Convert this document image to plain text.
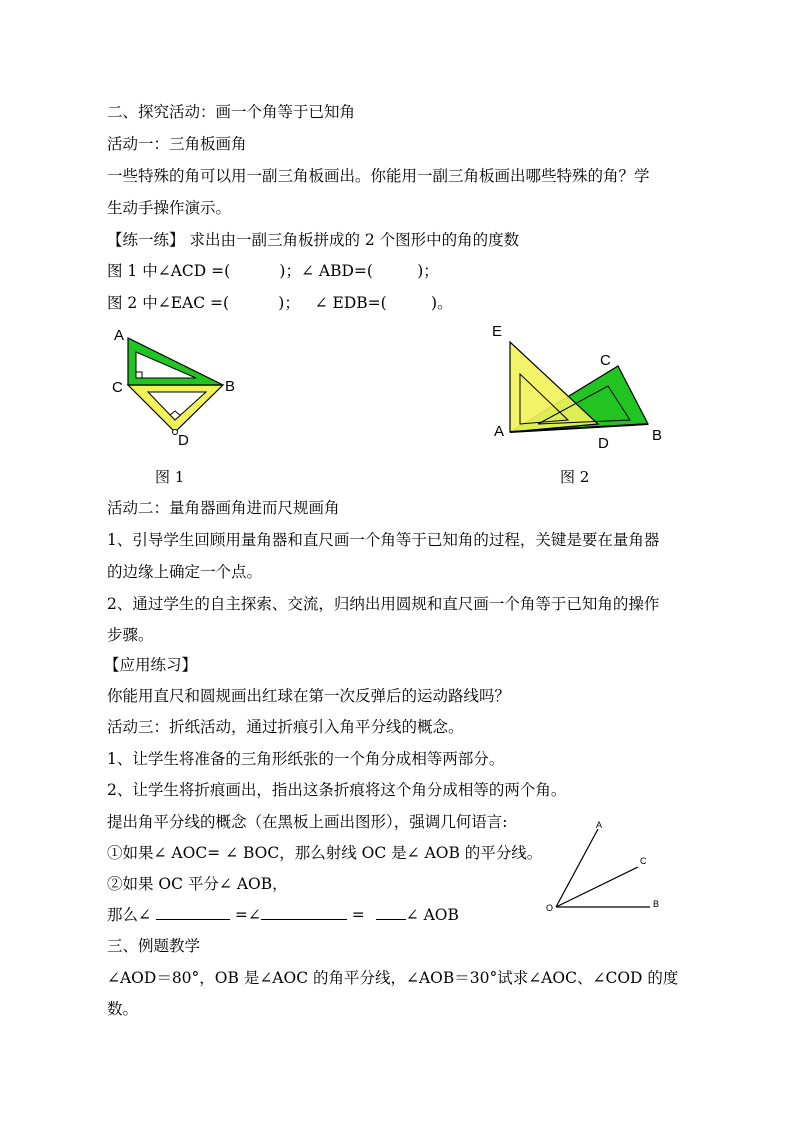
二、探究活动：画一个角等于已知角
活动一：三角板画角
一些特殊的角可以用一副三角板画出。你能用一副三角板画出哪些特殊的角？学
生动手操作演示。
【练一练】 求出由一副三角板拼成的 2 个图形中的角的度数
图 1 中∠ACD =(          )；∠ ABD=(         )；
图 2 中∠EAC =(          )；   ∠ EDB=(         )。
A
C	B
D
图 1
E
C
A
D	B
图 2
活动二：量角器画角进而尺规画角
1、引导学生回顾用量角器和直尺画一个角等于已知角的过程，关键是要在量角器
的边缘上确定一个点。
2、通过学生的自主探索、交流，归纳出用圆规和直尺画一个角等于已知角的操作
步骤。
【应用练习】
你能用直尺和圆规画出红球在第一次反弹后的运动路线吗？
活动三：折纸活动，通过折痕引入角平分线的概念。
1、让学生将准备的三角形纸张的一个角分成相等两部分。
2、让学生将折痕画出，指出这条折痕将这个角分成相等的两个角。
提出角平分线的概念（在黑板上画出图形），强调几何语言:
①如果∠ AOC= ∠ BOC，那么射线 OC 是∠ AOB 的平分线。
②如果 OC 平分∠ AOB，
那么∠	=∠	= ∠ AOB
A
C
O	B
三、例题教学
∠AOD＝80°，OB 是∠AOC 的角平分线，∠AOB＝30°试求∠AOC、∠COD 的度
数。
